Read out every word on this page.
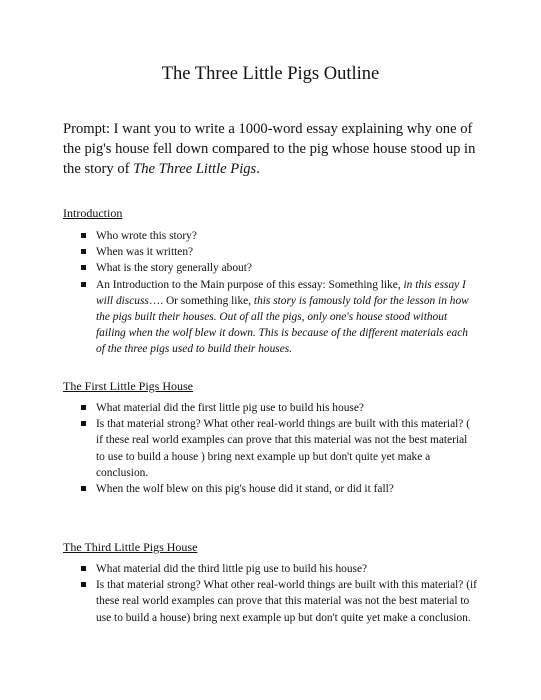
The Three Little Pigs Outline
Prompt: I want you to write a 1000-word essay explaining why one of the pig's house fell down compared to the pig whose house stood up in the story of The Three Little Pigs.
Introduction
Who wrote this story?
When was it written?
What is the story generally about?
An Introduction to the Main purpose of this essay: Something like, in this essay I will discuss…. Or something like, this story is famously told for the lesson in how the pigs built their houses. Out of all the pigs, only one's house stood without failing when the wolf blew it down. This is because of the different materials each of the three pigs used to build their houses.
The First Little Pigs House
What material did the first little pig use to build his house?
Is that material strong? What other real-world things are built with this material? ( if these real world examples can prove that this material was not the best material to use to build a house ) bring next example up but don't quite yet make a conclusion.
When the wolf blew on this pig's house did it stand, or did it fall?
The Third Little Pigs House
What material did the third little pig use to build his house?
Is that material strong? What other real-world things are built with this material? (if these real world examples can prove that this material was not the best material to use to build a house) bring next example up but don't quite yet make a conclusion.
